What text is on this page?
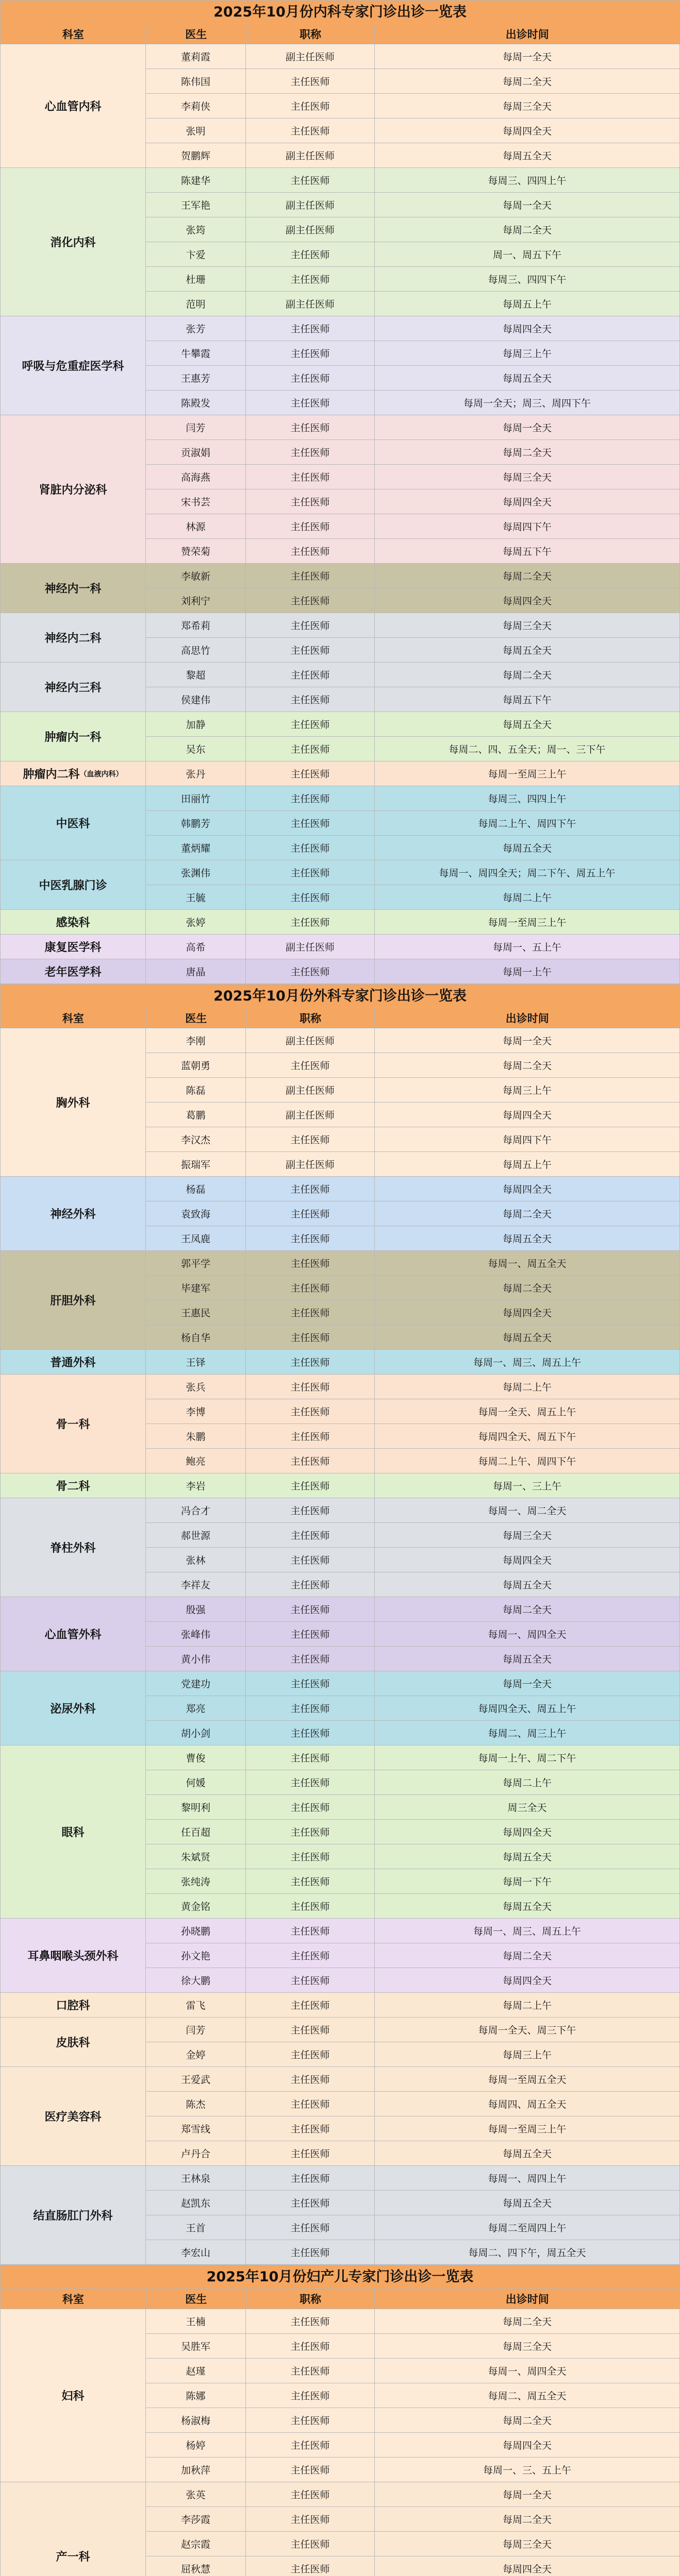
2025年10月份内科专家门诊出诊一览表
科室	医生	职称	出诊时间
心血管内科
董莉霞	副主任医师	每周一全天
陈伟国	主任医师	每周二全天
李莉侠	主任医师	每周三全天
张明	主任医师	每周四全天
贺鹏辉	副主任医师	每周五全天
消化内科
陈建华	主任医师	每周三、四四上午
王军艳	副主任医师	每周一全天
张筠	副主任医师	每周二全天
卞爱	主任医师	周一、周五下午
杜珊	主任医师	每周三、四四下午
范明	副主任医师	每周五上午
呼吸与危重症医学科
张芳	主任医师	每周四全天
牛攀霞	主任医师	每周三上午
王惠芳	主任医师	每周五全天
陈殿发	主任医师	每周一全天；周三、周四下午
肾脏内分泌科
闫芳	主任医师	每周一全天
贡淑娟	主任医师	每周二全天
高海燕	主任医师	每周三全天
宋书芸	主任医师	每周四全天
林源	主任医师	每周四下午
赞荣菊	主任医师	每周五下午
神经内一科
李敏新	主任医师	每周二全天
刘利宁	主任医师	每周四全天
神经内二科
郑希莉	主任医师	每周三全天
高思竹	主任医师	每周五全天
神经内三科
黎超	主任医师	每周二全天
侯建伟	主任医师	每周五下午
肿瘤内一科
加静	主任医师	每周五全天
吴东	主任医师	每周二、四、五全天；周一、三下午
肿瘤内二科 （血液内科）	张丹	主任医师	每周一至周三上午
中医科
田丽竹	主任医师	每周三、四四上午
韩鹏芳	主任医师	每周二上午、周四下午
董炳耀	主任医师	每周五全天
中医乳腺门诊
张渊伟	主任医师	每周一、周四全天；周二下午、周五上午
王毓	主任医师	每周二上午
感染科	张婷	主任医师	每周一至周三上午
康复医学科	高希	副主任医师	每周一、五上午
老年医学科	唐晶	主任医师	每周一上午
2025年10月份外科专家门诊出诊一览表
科室	医生	职称	出诊时间
胸外科
李刚	副主任医师	每周一全天
蓝朝勇	主任医师	每周二全天
陈磊	副主任医师	每周三上午
葛鹏	副主任医师	每周四全天
李汉杰	主任医师	每周四下午
振瑞军	副主任医师	每周五上午
神经外科
杨磊	主任医师	每周四全天
袁致海	主任医师	每周二全天
王凤鹿	主任医师	每周五全天
肝胆外科
郭平学	主任医师	每周一、周五全天
毕建军	主任医师	每周二全天
王惠民	主任医师	每周四全天
杨自华	主任医师	每周五全天
普通外科	王铎	主任医师	每周一、周三、周五上午
骨一科
张兵	主任医师	每周二上午
李博	主任医师	每周一全天、周五上午
朱鹏	主任医师	每周四全天、周五下午
鲍亮	主任医师	每周二上午、周四下午
骨二科	李岩	主任医师	每周一、三上午
脊柱外科
冯合才	主任医师	每周一、周二全天
郝世源	主任医师	每周三全天
张林	主任医师	每周四全天
李祥友	主任医师	每周五全天
心血管外科
殷强	主任医师	每周二全天
张峰伟	主任医师	每周一、周四全天
黄小伟	主任医师	每周五全天
泌尿外科
党建功	主任医师	每周一全天
郑亮	主任医师	每周四全天、周五上午
胡小剑	主任医师	每周二、周三上午
眼科
曹俊	主任医师	每周一上午、周二下午
何媛	主任医师	每周二上午
黎明利	主任医师	周三全天
任百超	主任医师	每周四全天
朱斌贤	主任医师	每周五全天
张纯涛	主任医师	每周一下午
黄金铭	主任医师	每周五全天
耳鼻咽喉头颈外科
孙晓鹏	主任医师	每周一、周三、周五上午
孙文艳	主任医师	每周二全天
徐大鹏	主任医师	每周四全天
口腔科	雷飞	主任医师	每周二上午
皮肤科
闫芳	主任医师	每周一全天、周三下午
金婷	主任医师	每周三上午
医疗美容科
王爱武	主任医师	每周一至周五全天
陈杰	主任医师	每周四、周五全天
郑雪线	主任医师	每周一至周三上午
卢丹合	主任医师	每周五全天
结直肠肛门外科
王林泉	主任医师	每周一、周四上午
赵凯东	主任医师	每周五全天
王首	主任医师	每周二至周四上午
李宏山	主任医师	每周二、四下午，周五全天
2025年10月份妇产儿专家门诊出诊一览表
科室	医生	职称	出诊时间
妇科
王楠	主任医师	每周二全天
吴胜军	主任医师	每周三全天
赵瑾	主任医师	每周一、周四全天
陈娜	主任医师	每周二、周五全天
杨淑梅	主任医师	每周二全天
杨婷	主任医师	每周四全天
加秋萍	主任医师	每周一、三、五上午
产一科
张英	主任医师	每周一全天
李莎霞	主任医师	每周二全天
赵宗霞	主任医师	每周三全天
屈秋慧	主任医师	每周四全天
